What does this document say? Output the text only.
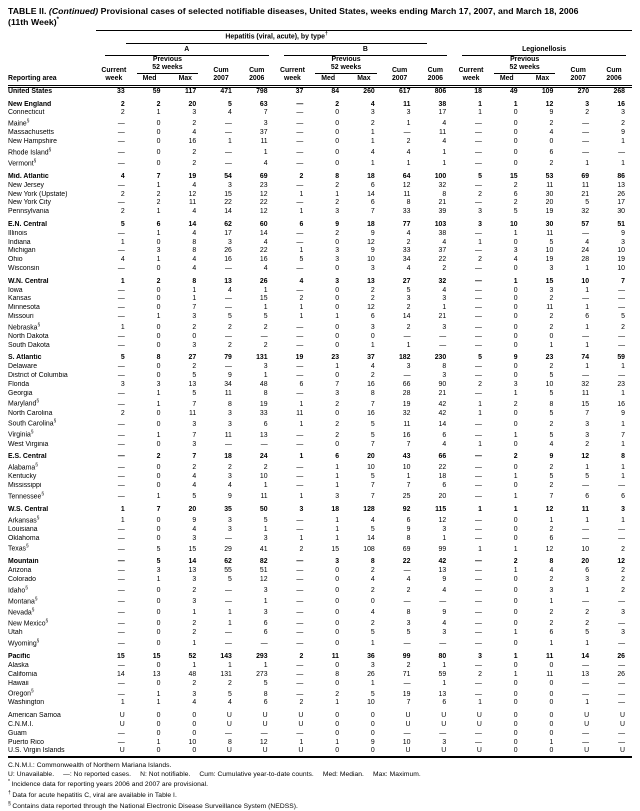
TABLE II. (Continued) Provisional cases of selected notifiable diseases, United States, weeks ending March 17, 2007, and March 18, 2006
(11th Week)*

	Hepatitis (viral, acute), by type†

	A					B					Legionellosis				

Reporting area	Current
week	
Previous
52 weeks
Med	Max
	Cum
2007	Cum
2006	Current
week	
Previous
52 weeks
Med	Max
	Cum
2007	Cum
2006	Current
week	
Previous
52 weeks
Med	Max
	Cum
2007	Cum
2006
United States	33	59	117	471	798	37	84	260	617	806	18	49	109	270	268

New England	2	2	20	5	63	—	2	4	11	38	1	1	12	3	16
Connecticut	2	1	3	4	7	—	0	3	3	17	1	0	9	2	3
Maine§	—	0	2	—	3	—	0	2	1	4	—	0	2	—	2
Massachusetts	—	0	4	—	37	—	0	1	—	11	—	0	4	—	9
New Hampshire	—	0	16	1	11	—	0	1	2	4	—	0	0	—	1
Rhode Island§	—	0	2	—	1	—	0	4	4	1	—	0	6	—	—
Vermont§	—	0	2	—	4	—	0	1	1	1	—	0	2	1	1

Mid. Atlantic	4	7	19	54	69	2	8	18	64	100	5	15	53	69	86
New Jersey	—	1	4	3	23	—	2	6	12	32	—	2	11	11	13
New York (Upstate)	2	2	12	15	12	1	1	14	11	8	2	6	30	21	26
New York City	—	2	11	22	22	—	2	6	8	21	—	2	20	5	17
Pennsylvania	2	1	4	14	12	1	3	7	33	39	3	5	19	32	30

E.N. Central	5	6	14	62	60	6	9	18	77	103	3	10	30	57	51
Illinois	—	1	4	17	14	—	2	9	4	38	—	1	11	—	9
Indiana	1	0	8	3	4	—	0	12	2	4	1	0	5	4	3
Michigan	—	3	8	26	22	1	3	9	33	37	—	3	10	24	10
Ohio	4	1	4	16	16	5	3	10	34	22	2	4	19	28	19
Wisconsin	—	0	4	—	4	—	0	3	4	2	—	0	3	1	10

W.N. Central	1	2	8	13	26	4	3	13	27	32	—	1	15	10	7
Iowa	—	0	1	4	1	—	0	2	5	4	—	0	3	1	—
Kansas	—	0	1	—	15	2	0	2	3	3	—	0	2	—	—
Minnesota	—	0	7	—	1	1	0	12	2	1	—	0	11	1	—
Missouri	—	1	3	5	5	1	1	6	14	21	—	0	2	6	5
Nebraska§	1	0	2	2	2	—	0	3	2	3	—	0	2	1	2
North Dakota	—	0	0	—	—	—	0	0	—	—	—	0	0	—	—
South Dakota	—	0	3	2	2	—	0	1	1	—	—	0	1	1	—

S. Atlantic	5	8	27	79	131	19	23	37	182	230	5	9	23	74	59
Delaware	—	0	2	—	3	—	1	4	3	8	—	0	2	1	1
District of Columbia	—	0	5	9	1	—	0	2	—	3	—	0	5	—	—
Florida	3	3	13	34	48	6	7	16	66	90	2	3	10	32	23
Georgia	—	1	5	11	8	—	3	8	28	21	—	1	5	11	1
Maryland§	—	1	7	8	19	1	2	7	19	42	1	2	8	15	16
North Carolina	2	0	11	3	33	11	0	16	32	42	1	0	5	7	9
South Carolina§	—	0	3	3	6	1	2	5	11	14	—	0	2	3	1
Virginia§	—	1	7	11	13	—	2	5	16	6	—	1	5	3	7
West Virginia	—	0	3	—	—	—	0	7	7	4	1	0	4	2	1

E.S. Central	—	2	7	18	24	1	6	20	43	66	—	2	9	12	8
Alabama§	—	0	2	2	2	—	1	10	10	22	—	0	2	1	1
Kentucky	—	0	4	3	10	—	1	5	1	18	—	1	5	5	1
Mississippi	—	0	4	4	1	—	1	7	7	6	—	0	2	—	—
Tennessee§	—	1	5	9	11	1	3	7	25	20	—	1	7	6	6

W.S. Central	1	7	20	35	50	3	18	128	92	115	1	1	12	11	3
Arkansas§	1	0	9	3	5	—	1	4	6	12	—	0	1	1	1
Louisiana	—	0	4	3	1	—	1	5	9	3	—	0	2	—	—
Oklahoma	—	0	3	—	3	1	1	14	8	1	—	0	6	—	—
Texas§	—	5	15	29	41	2	15	108	69	99	1	1	12	10	2

Mountain	—	5	14	62	82	—	3	8	22	42	—	2	8	20	12
Arizona	—	3	13	55	51	—	0	2	—	13	—	1	4	6	2
Colorado	—	1	3	5	12	—	0	4	4	9	—	0	2	3	2
Idaho§	—	0	2	—	3	—	0	2	2	4	—	0	3	1	2
Montana§	—	0	3	—	1	—	0	0	—	—	—	0	1	—	—
Nevada§	—	0	1	1	3	—	0	4	8	9	—	0	2	2	3
New Mexico§	—	0	2	1	6	—	0	2	3	4	—	0	2	2	—
Utah	—	0	2	—	6	—	0	5	5	3	—	1	6	5	3
Wyoming§	—	0	1	—	—	—	0	1	—	—	—	0	1	1	—

Pacific	15	15	52	143	293	2	11	36	99	80	3	1	11	14	26
Alaska	—	0	1	1	1	—	0	3	2	1	—	0	0	—	—
California	14	13	48	131	273	—	8	26	71	59	2	1	11	13	26
Hawaii	—	0	2	2	5	—	0	1	—	1	—	0	0	—	—
Oregon§	—	1	3	5	8	—	2	5	19	13	—	0	0	—	—
Washington	1	1	4	4	6	2	1	10	7	6	1	0	0	1	—

American Samoa	U	0	0	U	U	U	0	0	U	U	U	0	0	U	U
C.N.M.I.	U	0	0	U	U	U	0	0	U	U	U	0	0	U	U
Guam	—	0	0	—	—	—	0	0	—	—	—	0	0	—	—
Puerto Rico	—	1	10	8	12	1	1	9	10	3	—	0	1	—	—
U.S. Virgin Islands	U	0	0	U	U	U	0	0	U	U	U	0	0	U	U
C.N.M.I.: Commonwealth of Northern Mariana Islands.
U: Unavailable. —: No reported cases. N: Not notifiable. Cum: Cumulative year-to-date counts. Med: Median. Max: Maximum.
* Incidence data for reporting years 2006 and 2007 are provisional.
† Data for acute hepatitis C, viral are available in Table I.
§ Contains data reported through the National Electronic Disease Surveillance System (NEDSS).
